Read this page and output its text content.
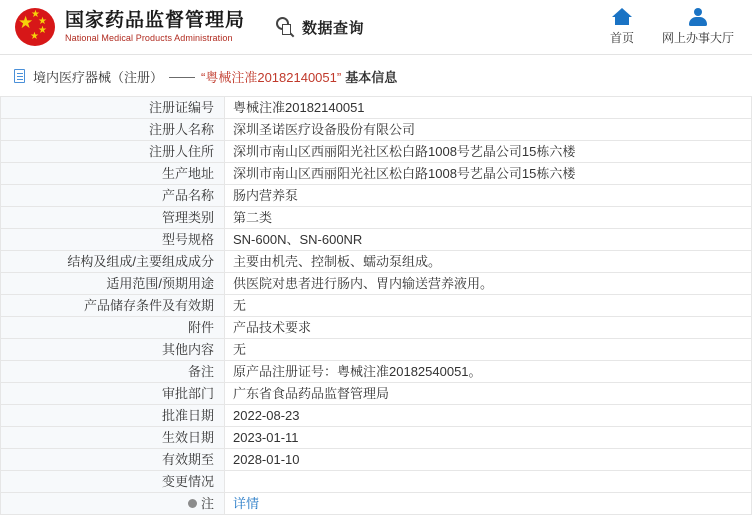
★
★
★
★
★
国家药品监督管理局
National Medical Products Administration
数据查询
首页 网上办事大厅
境内医疗器械（注册） —— “粤械注准20182140051” 基本信息
注册证编号	粤械注准20182140051
注册人名称	深圳圣诺医疗设备股份有限公司
注册人住所	深圳市南山区西丽阳光社区松白路1008号艺晶公司15栋六楼
生产地址	深圳市南山区西丽阳光社区松白路1008号艺晶公司15栋六楼
产品名称	肠内营养泵
管理类别	第二类
型号规格	SN-600N、SN-600NR
结构及组成/主要组成成分	主要由机壳、控制板、蠕动泵组成。
适用范围/预期用途	供医院对患者进行肠内、胃内输送营养液用。
产品储存条件及有效期	无
附件	产品技术要求
其他内容	无
备注	原产品注册证号：粤械注准20182540051。
审批部门	广东省食品药品监督管理局
批准日期	2022-08-23
生效日期	2023-01-11
有效期至	2028-01-10
变更情况	

注	详情
